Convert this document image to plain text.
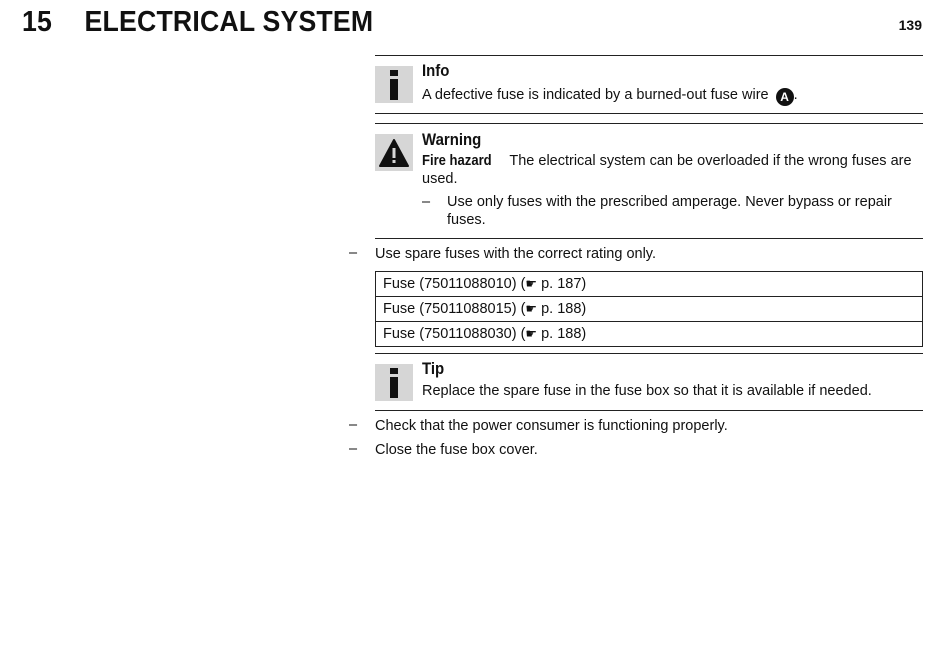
15	ELECTRICAL SYSTEM	139
Info
A defective fuse is indicated by a burned-out fuse wire A .
Warning
Fire hazard The electrical system can be overloaded if the wrong fuses are
used.
– Use only fuses with the prescribed amperage. Never bypass or repair
fuses.
– Use spare fuses with the correct rating only.
Fuse (75011088010) (☛ p. 187)
Fuse (75011088015) (☛ p. 188)
Fuse (75011088030) (☛ p. 188)
Tip
Replace the spare fuse in the fuse box so that it is available if needed.
– Check that the power consumer is functioning properly.
– Close the fuse box cover.
